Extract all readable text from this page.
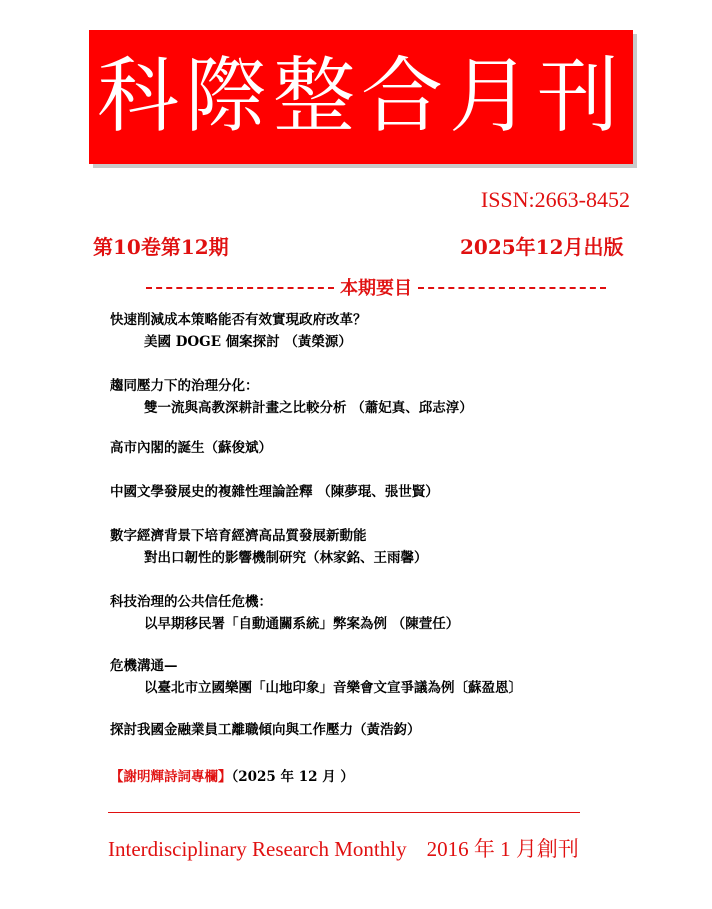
科際整合月刊
ISSN:2663-8452
第10卷第12期	2025年12月出版
本期要目
快速削減成本策略能否有效實現政府改革？
美國 DOGE 個案探討 （黃榮源）
趨同壓力下的治理分化：
雙一流與高教深耕計畫之比較分析 （蕭妃真、邱志淳）
高市內閣的誕生（蘇俊斌）
中國文學發展史的複雜性理論詮釋 （陳夢琨、張世賢）
數字經濟背景下培育經濟高品質發展新動能
對出口韌性的影響機制研究（林家銘、王雨馨）
科技治理的公共信任危機：
以早期移民署「自動通關系統」弊案為例 （陳萱任）
危機溝通—
以臺北市立國樂團「山地印象」音樂會文宣爭議為例〔蘇盈恩〕
探討我國金融業員工離職傾向與工作壓力（黃浩鈞）
【謝明輝詩詞專欄】（2025 年 12 月 ）
Interdisciplinary Research Monthly 2016 年 1 月創刊
